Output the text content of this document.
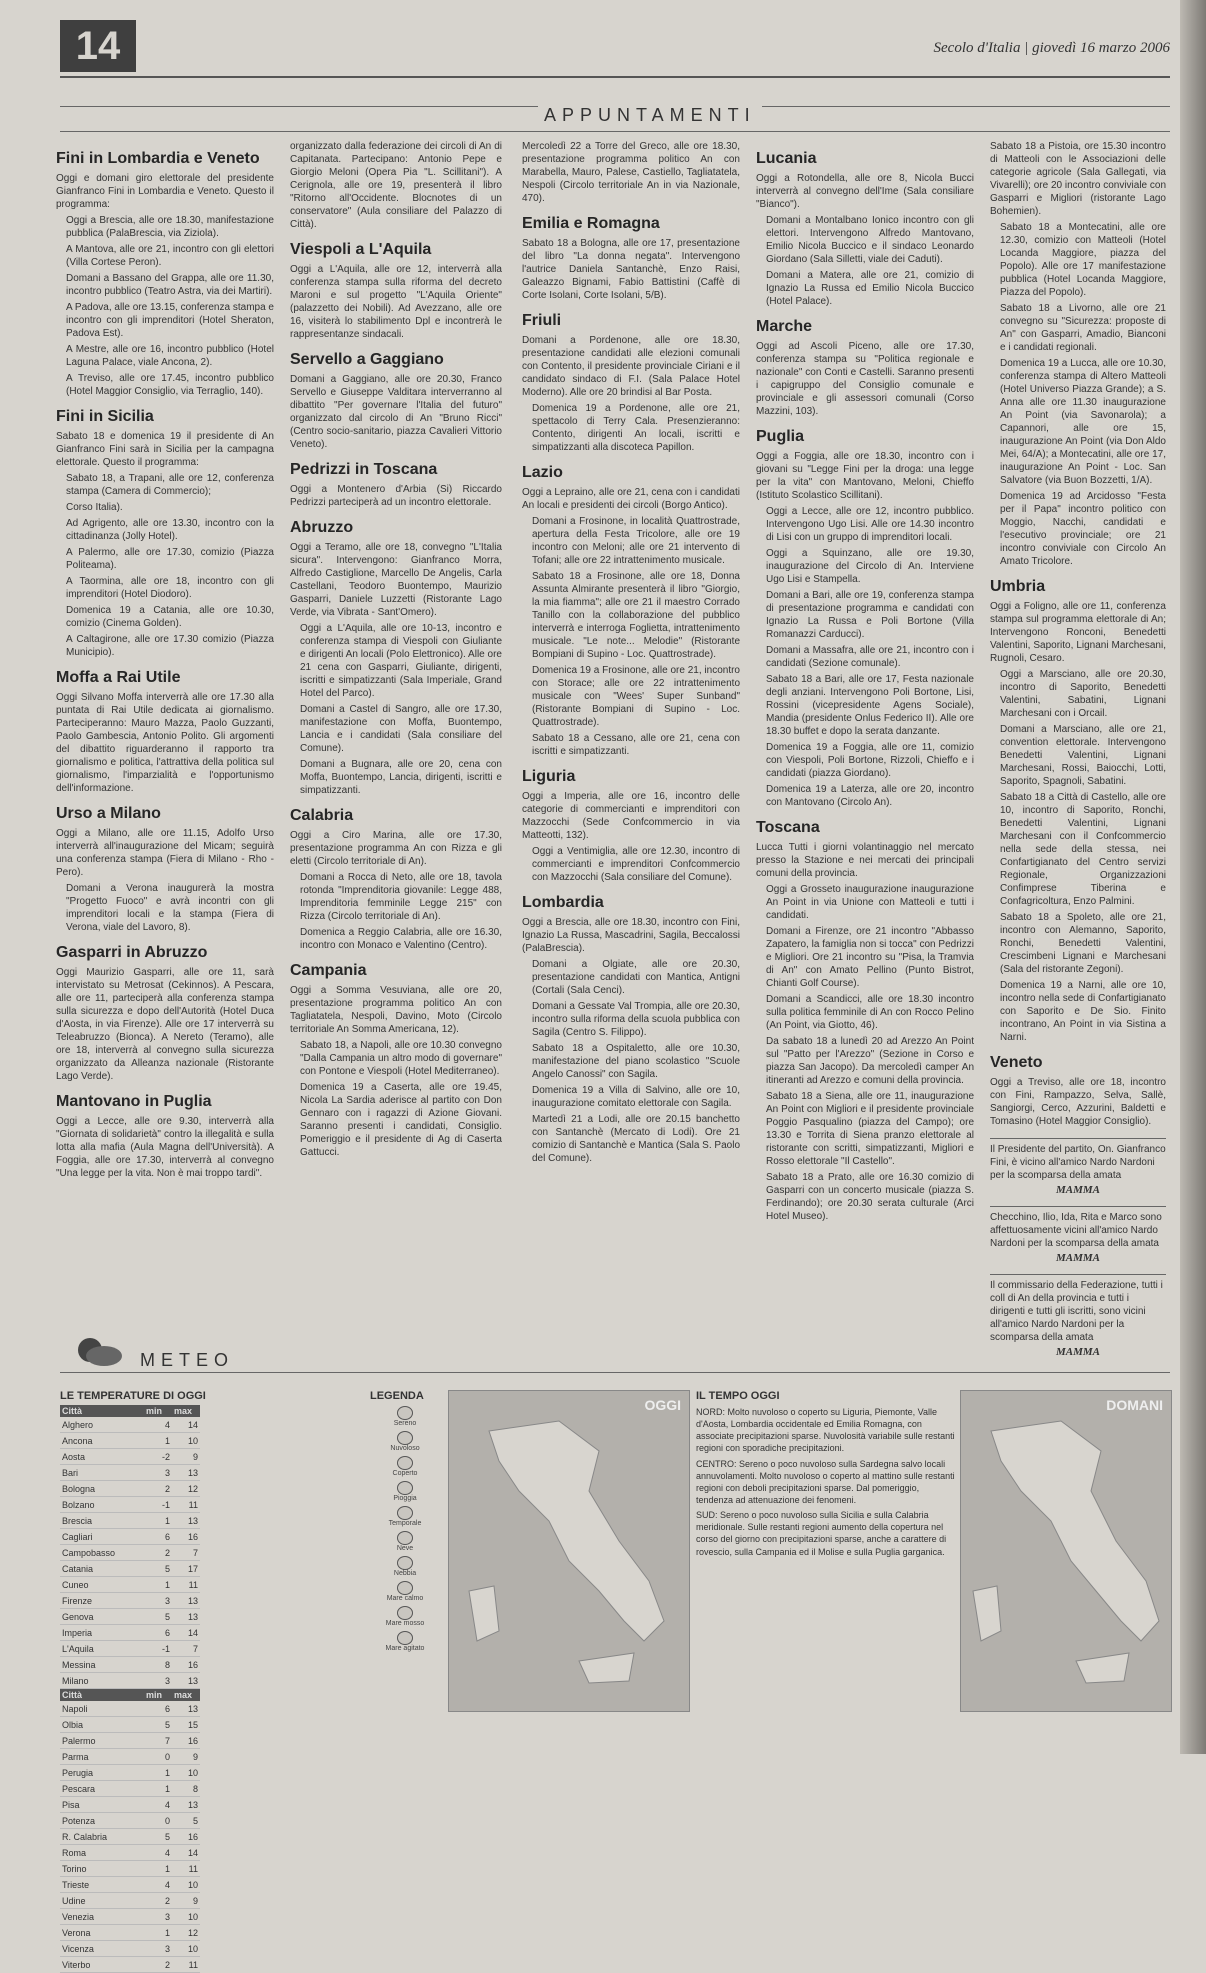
14	Secolo d'Italia | giovedì 16 marzo 2006
APPUNTAMENTI
Fini in Lombardia e Veneto

Oggi e domani giro elettorale del presidente Gianfranco Fini in Lombardia e Veneto. Questo il programma:

Oggi a Brescia, alle ore 18.30, manifestazione pubblica (PalaBrescia, via Ziziola).

A Mantova, alle ore 21, incontro con gli elettori (Villa Cortese Peron).

Domani a Bassano del Grappa, alle ore 11.30, incontro pubblico (Teatro Astra, via dei Martiri).

A Padova, alle ore 13.15, conferenza stampa e incontro con gli imprenditori (Hotel Sheraton, Padova Est).

A Mestre, alle ore 16, incontro pubblico (Hotel Laguna Palace, viale Ancona, 2).

A Treviso, alle ore 17.45, incontro pubblico (Hotel Maggior Consiglio, via Terraglio, 140).

Fini in Sicilia

Sabato 18 e domenica 19 il presidente di An Gianfranco Fini sarà in Sicilia per la campagna elettorale. Questo il programma:

Sabato 18, a Trapani, alle ore 12, conferenza stampa (Camera di Commercio);

Corso Italia).

Ad Agrigento, alle ore 13.30, incontro con la cittadinanza (Jolly Hotel).

A Palermo, alle ore 17.30, comizio (Piazza Politeama).

A Taormina, alle ore 18, incontro con gli imprenditori (Hotel Diodoro).

Domenica 19 a Catania, alle ore 10.30, comizio (Cinema Golden).

A Caltagirone, alle ore 17.30 comizio (Piazza Municipio).

Moffa a Rai Utile

Oggi Silvano Moffa interverrà alle ore 17.30 alla puntata di Rai Utile dedicata ai giornalismo. Parteciperanno: Mauro Mazza, Paolo Guzzanti, Paolo Gambescia, Antonio Polito. Gli argomenti del dibattito riguarderanno il rapporto tra giornalismo e politica, l'attrattiva della politica sul giornalismo, l'imparzialità e l'opportunismo dell'informazione.

Urso a Milano

Oggi a Milano, alle ore 11.15, Adolfo Urso interverrà all'inaugurazione del Micam; seguirà una conferenza stampa (Fiera di Milano - Rho - Pero).

Domani a Verona inaugurerà la mostra "Progetto Fuoco" e avrà incontri con gli imprenditori locali e la stampa (Fiera di Verona, viale del Lavoro, 8).

Gasparri in Abruzzo

Oggi Maurizio Gasparri, alle ore 11, sarà intervistato su Metrosat (Cekinnos). A Pescara, alle ore 11, parteciperà alla conferenza stampa sulla sicurezza e dopo dell'Autorità (Hotel Duca d'Aosta, in via Firenze). Alle ore 17 interverrà su Teleabruzzo (Bionca). A Nereto (Teramo), alle ore 18, interverrà al convegno sulla sicurezza organizzato da Alleanza nazionale (Ristorante Lago Verde).

Mantovano in Puglia

Oggi a Lecce, alle ore 9.30, interverrà alla "Giornata di solidarietà" contro la illegalità e sulla lotta alla mafia (Aula Magna dell'Università). A Foggia, alle ore 17.30, interverrà al convegno "Una legge per la vita. Non è mai troppo tardi".

organizzato dalla federazione dei circoli di An di Capitanata. Partecipano: Antonio Pepe e Giorgio Meloni (Opera Pia "L. Scillitani"). A Cerignola, alle ore 19, presenterà il libro "Ritorno all'Occidente. Blocnotes di un conservatore" (Aula consiliare del Palazzo di Città).

Viespoli a L'Aquila

Oggi a L'Aquila, alle ore 12, interverrà alla conferenza stampa sulla riforma del decreto Maroni e sul progetto "L'Aquila Oriente" (palazzetto dei Nobili). Ad Avezzano, alle ore 16, visiterà lo stabilimento Dpl e incontrerà le rappresentanze sindacali.

Servello a Gaggiano

Domani a Gaggiano, alle ore 20.30, Franco Servello e Giuseppe Valditara interverranno al dibattito "Per governare l'Italia del futuro" organizzato dal circolo di An "Bruno Ricci" (Centro socio-sanitario, piazza Cavalieri Vittorio Veneto).

Pedrizzi in Toscana

Oggi a Montenero d'Arbia (Si) Riccardo Pedrizzi parteciperà ad un incontro elettorale.

Abruzzo

Oggi a Teramo, alle ore 18, convegno "L'Italia sicura". Intervengono: Gianfranco Morra, Alfredo Castiglione, Marcello De Angelis, Carla Castellani, Teodoro Buontempo, Maurizio Gasparri, Daniele Luzzetti (Ristorante Lago Verde, via Vibrata - Sant'Omero).

Oggi a L'Aquila, alle ore 10-13, incontro e conferenza stampa di Viespoli con Giuliante e dirigenti An locali (Polo Elettronico). Alle ore 21 cena con Gasparri, Giuliante, dirigenti, iscritti e simpatizzanti (Sala Imperiale, Grand Hotel del Parco).

Domani a Castel di Sangro, alle ore 17.30, manifestazione con Moffa, Buontempo, Lancia e i candidati (Sala consiliare del Comune).

Domani a Bugnara, alle ore 20, cena con Moffa, Buontempo, Lancia, dirigenti, iscritti e simpatizzanti.

Calabria

Oggi a Ciro Marina, alle ore 17.30, presentazione programma An con Rizza e gli eletti (Circolo territoriale di An).

Domani a Rocca di Neto, alle ore 18, tavola rotonda "Imprenditoria giovanile: Legge 488, Imprenditoria femminile Legge 215" con Rizza (Circolo territoriale di An).

Domenica a Reggio Calabria, alle ore 16.30, incontro con Monaco e Valentino (Centro).

Campania

Oggi a Somma Vesuviana, alle ore 20, presentazione programma politico An con Tagliatatela, Nespoli, Davino, Moto (Circolo territoriale An Somma Americana, 12).

Sabato 18, a Napoli, alle ore 10.30 convegno "Dalla Campania un altro modo di governare" con Pontone e Viespoli (Hotel Mediterraneo).

Domenica 19 a Caserta, alle ore 19.45, Nicola La Sardia aderisce al partito con Don Gennaro con i ragazzi di Azione Giovani. Saranno presenti i candidati, Consiglio. Pomeriggio e il presidente di Ag di Caserta Gattucci.

Mercoledì 22 a Torre del Greco, alle ore 18.30, presentazione programma politico An con Marabella, Mauro, Palese, Castiello, Tagliatatela, Nespoli (Circolo territoriale An in via Nazionale, 470).

Emilia e Romagna

Sabato 18 a Bologna, alle ore 17, presentazione del libro "La donna negata". Intervengono l'autrice Daniela Santanchè, Enzo Raisi, Galeazzo Bignami, Fabio Battistini (Caffè di Corte Isolani, Corte Isolani, 5/B).

Friuli

Domani a Pordenone, alle ore 18.30, presentazione candidati alle elezioni comunali con Contento, il presidente provinciale Ciriani e il candidato sindaco di F.I. (Sala Palace Hotel Moderno). Alle ore 20 brindisi al Bar Posta.

Domenica 19 a Pordenone, alle ore 21, spettacolo di Terry Cala. Presenzieranno: Contento, dirigenti An locali, iscritti e simpatizzanti alla discoteca Papillon.

Lazio

Oggi a Lepraino, alle ore 21, cena con i candidati An locali e presidenti dei circoli (Borgo Antico).

Domani a Frosinone, in località Quattrostrade, apertura della Festa Tricolore, alle ore 19 incontro con Meloni; alle ore 21 intervento di Tofani; alle ore 22 intrattenimento musicale.

Sabato 18 a Frosinone, alle ore 18, Donna Assunta Almirante presenterà il libro "Giorgio, la mia fiamma"; alle ore 21 il maestro Corrado Tanillo con la collaborazione del pubblico interverrà e interroga Foglietta, intrattenimento musicale. "Le note... Melodie" (Ristorante Bompiani di Supino - Loc. Quattrostrade).

Domenica 19 a Frosinone, alle ore 21, incontro con Storace; alle ore 22 intrattenimento musicale con "Wees' Super Sunband" (Ristorante Bompiani di Supino - Loc. Quattrostrade).

Sabato 18 a Cessano, alle ore 21, cena con iscritti e simpatizzanti.

Liguria

Oggi a Imperia, alle ore 16, incontro delle categorie di commercianti e imprenditori con Mazzocchi (Sede Confcommercio in via Matteotti, 132).

Oggi a Ventimiglia, alle ore 12.30, incontro di commercianti e imprenditori Confcommercio con Mazzocchi (Sala consiliare del Comune).

Lombardia

Oggi a Brescia, alle ore 18.30, incontro con Fini, Ignazio La Russa, Mascadrini, Sagila, Beccalossi (PalaBrescia).

Domani a Olgiate, alle ore 20.30, presentazione candidati con Mantica, Antigni (Cortali (Sala Cenci).

Domani a Gessate Val Trompia, alle ore 20.30, incontro sulla riforma della scuola pubblica con Sagila (Centro S. Filippo).

Sabato 18 a Ospitaletto, alle ore 10.30, manifestazione del piano scolastico "Scuole Angelo Canossi" con Sagila.

Domenica 19 a Villa di Salvino, alle ore 10, inaugurazione comitato elettorale con Sagila.

Martedì 21 a Lodi, alle ore 20.15 banchetto con Santanchè (Mercato di Lodi). Ore 21 comizio di Santanchè e Mantica (Sala S. Paolo del Comune).

Lucania

Oggi a Rotondella, alle ore 8, Nicola Bucci interverrà al convegno dell'Ime (Sala consiliare "Bianco").

Domani a Montalbano Ionico incontro con gli elettori. Intervengono Alfredo Mantovano, Emilio Nicola Buccico e il sindaco Leonardo Giordano (Sala Silletti, viale dei Caduti).

Domani a Matera, alle ore 21, comizio di Ignazio La Russa ed Emilio Nicola Buccico (Hotel Palace).

Marche

Oggi ad Ascoli Piceno, alle ore 17.30, conferenza stampa su "Politica regionale e nazionale" con Conti e Castelli. Saranno presenti i capigruppo del Consiglio comunale e provinciale e gli assessori comunali (Corso Mazzini, 103).

Puglia

Oggi a Foggia, alle ore 18.30, incontro con i giovani su "Legge Fini per la droga: una legge per la vita" con Mantovano, Meloni, Chieffo (Istituto Scolastico Scillitani).

Oggi a Lecce, alle ore 12, incontro pubblico. Intervengono Ugo Lisi. Alle ore 14.30 incontro di Lisi con un gruppo di imprenditori locali.

Oggi a Squinzano, alle ore 19.30, inaugurazione del Circolo di An. Interviene Ugo Lisi e Stampella.

Domani a Bari, alle ore 19, conferenza stampa di presentazione programma e candidati con Ignazio La Russa e Poli Bortone (Villa Romanazzi Carducci).

Domani a Massafra, alle ore 21, incontro con i candidati (Sezione comunale).

Sabato 18 a Bari, alle ore 17, Festa nazionale degli anziani. Intervengono Poli Bortone, Lisi, Rossini (vicepresidente Agens Sociale), Mandia (presidente Onlus Federico II). Alle ore 18.30 buffet e dopo la serata danzante.

Domenica 19 a Foggia, alle ore 11, comizio con Viespoli, Poli Bortone, Rizzoli, Chieffo e i candidati (piazza Giordano).

Domenica 19 a Laterza, alle ore 20, incontro con Mantovano (Circolo An).

Toscana

Lucca Tutti i giorni volantinaggio nel mercato presso la Stazione e nei mercati dei principali comuni della provincia.

Oggi a Grosseto inaugurazione inaugurazione An Point in via Unione con Matteoli e tutti i candidati.

Domani a Firenze, ore 21 incontro "Abbasso Zapatero, la famiglia non si tocca" con Pedrizzi e Migliori. Ore 21 incontro su "Pisa, la Tramvia di An" con Amato Pellino (Punto Bistrot, Chianti Golf Course).

Domani a Scandicci, alle ore 18.30 incontro sulla politica femminile di An con Rocco Pelino (An Point, via Giotto, 46).

Da sabato 18 a lunedì 20 ad Arezzo An Point sul "Patto per l'Arezzo" (Sezione in Corso e piazza San Jacopo). Da mercoledì camper An itineranti ad Arezzo e comuni della provincia.

Sabato 18 a Siena, alle ore 11, inaugurazione An Point con Migliori e il presidente provinciale Poggio Pasqualino (piazza del Campo); ore 13.30 e Torrita di Siena pranzo elettorale al ristorante con scritti, simpatizzanti, Migliori e Rosso elettorale "Il Castello".

Sabato 18 a Prato, alle ore 16.30 comizio di Gasparri con un concerto musicale (piazza S. Ferdinando); ore 20.30 serata culturale (Arci Hotel Museo).

Sabato 18 a Pistoia, ore 15.30 incontro di Matteoli con le Associazioni delle categorie agricole (Sala Gallegati, via Vivarelli); ore 20 incontro conviviale con Gasparri e Migliori (ristorante Lago Bohemien).

Sabato 18 a Montecatini, alle ore 12.30, comizio con Matteoli (Hotel Locanda Maggiore, piazza del Popolo). Alle ore 17 manifestazione pubblica (Hotel Locanda Maggiore, Piazza del Popolo).

Sabato 18 a Livorno, alle ore 21 convegno su "Sicurezza: proposte di An" con Gasparri, Amadio, Bianconi e i candidati regionali.

Domenica 19 a Lucca, alle ore 10.30, conferenza stampa di Altero Matteoli (Hotel Universo Piazza Grande); a S. Anna alle ore 11.30 inaugurazione An Point (via Savonarola); a Capannori, alle ore 15, inaugurazione An Point (via Don Aldo Mei, 64/A); a Montecatini, alle ore 17, inaugurazione An Point - Loc. San Salvatore (via Buon Bozzetti, 1/A).

Domenica 19 ad Arcidosso "Festa per il Papa" incontro politico con Moggio, Nacchi, candidati e l'esecutivo provinciale; ore 21 incontro conviviale con Circolo An Amato Tricolore.

Umbria

Oggi a Foligno, alle ore 11, conferenza stampa sul programma elettorale di An; Intervengono Ronconi, Benedetti Valentini, Saporito, Lignani Marchesani, Rugnoli, Cesaro.

Oggi a Marsciano, alle ore 20.30, incontro di Saporito, Benedetti Valentini, Sabatini, Lignani Marchesani con i Orcail.

Domani a Marsciano, alle ore 21, convention elettorale. Intervengono Benedetti Valentini, Lignani Marchesani, Rossi, Baiocchi, Lotti, Saporito, Spagnoli, Sabatini.

Sabato 18 a Città di Castello, alle ore 10, incontro di Saporito, Ronchi, Benedetti Valentini, Lignani Marchesani con il Confcommercio nella sede della stessa, nei Confartigianato del Centro servizi Regionale, Organizzazioni Confimprese Tiberina e Confagricoltura, Enzo Palmini.

Sabato 18 a Spoleto, alle ore 21, incontro con Alemanno, Saporito, Ronchi, Benedetti Valentini, Crescimbeni Lignani e Marchesani (Sala del ristorante Zegoni).

Domenica 19 a Narni, alle ore 10, incontro nella sede di Confartigianato con Saporito e De Sio. Finito incontrano, An Point in via Sistina a Narni.

Veneto

Oggi a Treviso, alle ore 18, incontro con Fini, Rampazzo, Selva, Sallè, Sangiorgi, Cerco, Azzurini, Baldetti e Tomasino (Hotel Maggior Consiglio).

Il Presidente del partito, On. Gianfranco Fini, è vicino all'amico Nardo Nardoni per la scomparsa della amata
MAMMA
Checchino, Ilio, Ida, Rita e Marco sono affettuosamente vicini all'amico Nardo Nardoni per la scomparsa della amata
MAMMA
Il commissario della Federazione, tutti i coll di An della provincia e tutti i dirigenti e tutti gli iscritti, sono vicini all'amico Nardo Nardoni per la scomparsa della amata
MAMMA
METEO
LE TEMPERATURE DI OGGI
Città	min	max
Alghero	4	14
Ancona	1	10
Aosta	-2	9
Bari	3	13
Bologna	2	12
Bolzano	-1	11
Brescia	1	13
Cagliari	6	16
Campobasso	2	7
Catania	5	17
Cuneo	1	11
Firenze	3	13
Genova	5	13
Imperia	6	14
L'Aquila	-1	7
Messina	8	16
Milano	3	13
Città	min	max
Napoli	6	13
Olbia	5	15
Palermo	7	16
Parma	0	9
Perugia	1	10
Pescara	1	8
Pisa	4	13
Potenza	0	5
R. Calabria	5	16
Roma	4	14
Torino	1	11
Trieste	4	10
Udine	2	9
Venezia	3	10
Verona	1	12
Vicenza	3	10
Viterbo	2	11
LEGENDA
Sereno
Nuvoloso
Coperto
Pioggia
Temporale
Neve
Nebbia
Mare calmo
Mare mosso
Mare agitato
OGGI
IL TEMPO OGGI

NORD: Molto nuvoloso o coperto su Liguria, Piemonte, Valle d'Aosta, Lombardia occidentale ed Emilia Romagna, con associate precipitazioni sparse. Nuvolosità variabile sulle restanti regioni con sporadiche precipitazioni.

CENTRO: Sereno o poco nuvoloso sulla Sardegna salvo locali annuvolamenti. Molto nuvoloso o coperto al mattino sulle restanti regioni con deboli precipitazioni sparse. Dal pomeriggio, tendenza ad attenuazione dei fenomeni.

SUD: Sereno o poco nuvoloso sulla Sicilia e sulla Calabria meridionale. Sulle restanti regioni aumento della copertura nel corso del giorno con precipitazioni sparse, anche a carattere di rovescio, sulla Campania ed il Molise e sulla Puglia garganica.

DOMANI
